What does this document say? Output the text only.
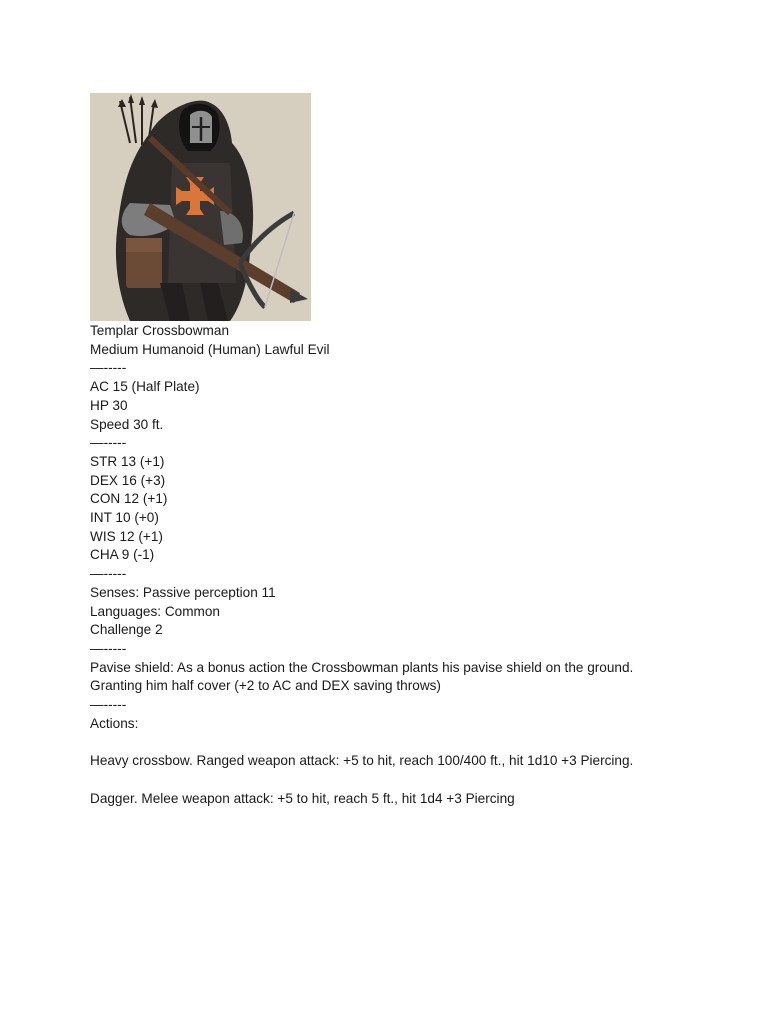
Templar Crossbowman
Medium Humanoid (Human) Lawful Evil
—-----
AC 15 (Half Plate)
HP 30
Speed 30 ft.
—-----
STR 13 (+1)
DEX 16 (+3)
CON 12 (+1)
INT 10 (+0)
WIS 12 (+1)
CHA 9 (-1)
—-----
Senses: Passive perception 11
Languages: Common
Challenge 2
—-----
Pavise shield: As a bonus action the Crossbowman plants his pavise shield on the ground.
Granting him half cover (+2 to AC and DEX saving throws)
—-----
Actions:
Heavy crossbow. Ranged weapon attack: +5 to hit, reach 100/400 ft., hit 1d10 +3 Piercing.
Dagger. Melee weapon attack: +5 to hit, reach 5 ft., hit 1d4 +3 Piercing
